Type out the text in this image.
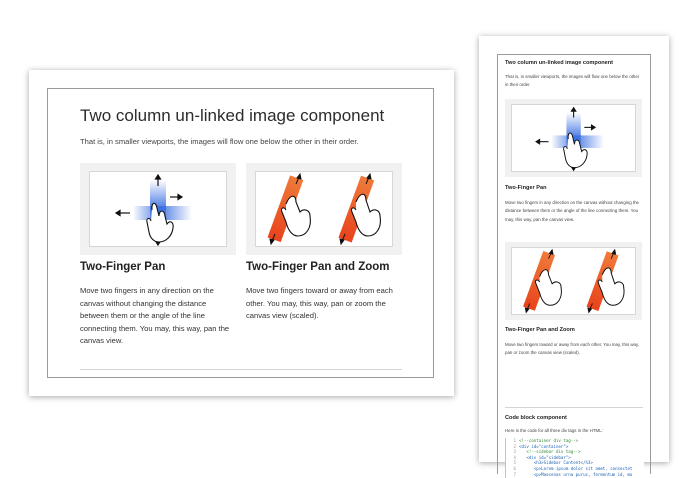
Two column un-linked image component
That is, in smaller viewports, the images will flow one below the other in their order.
Two-Finger Pan	Two-Finger Pan and Zoom
Move two fingers in any direction on the canvas without changing the distance between them or the angle of the line connecting them. You may, this way, pan the canvas view.
Move two fingers toward or away from each other. You may, this way, pan or zoom the canvas view (scaled).
Two column un-linked image component
That is, in smaller viewports, the images will flow one below the other in their order.
Two-Finger Pan
Move two fingers in any direction on the canvas without changing the distance between them or the angle of the line connecting them. You may, this way, pan the canvas view.
Two-Finger Pan and Zoom
Move two fingers toward or away from each other. You may, this way, pan or zoom the canvas view (scaled).
Code block component
Here is the code for all three div tags in the HTML:
1 <!--container div tag-->
2 <div id="container">
3   <!--sidebar div tag-->
4   <div id="sidebar">
5      <h3>Sidebar Content</h3>
6      <p>Lorem ipsum dolor sit amet, consectet
7      <p>Maecenas urna purus, fermentum id, mo
